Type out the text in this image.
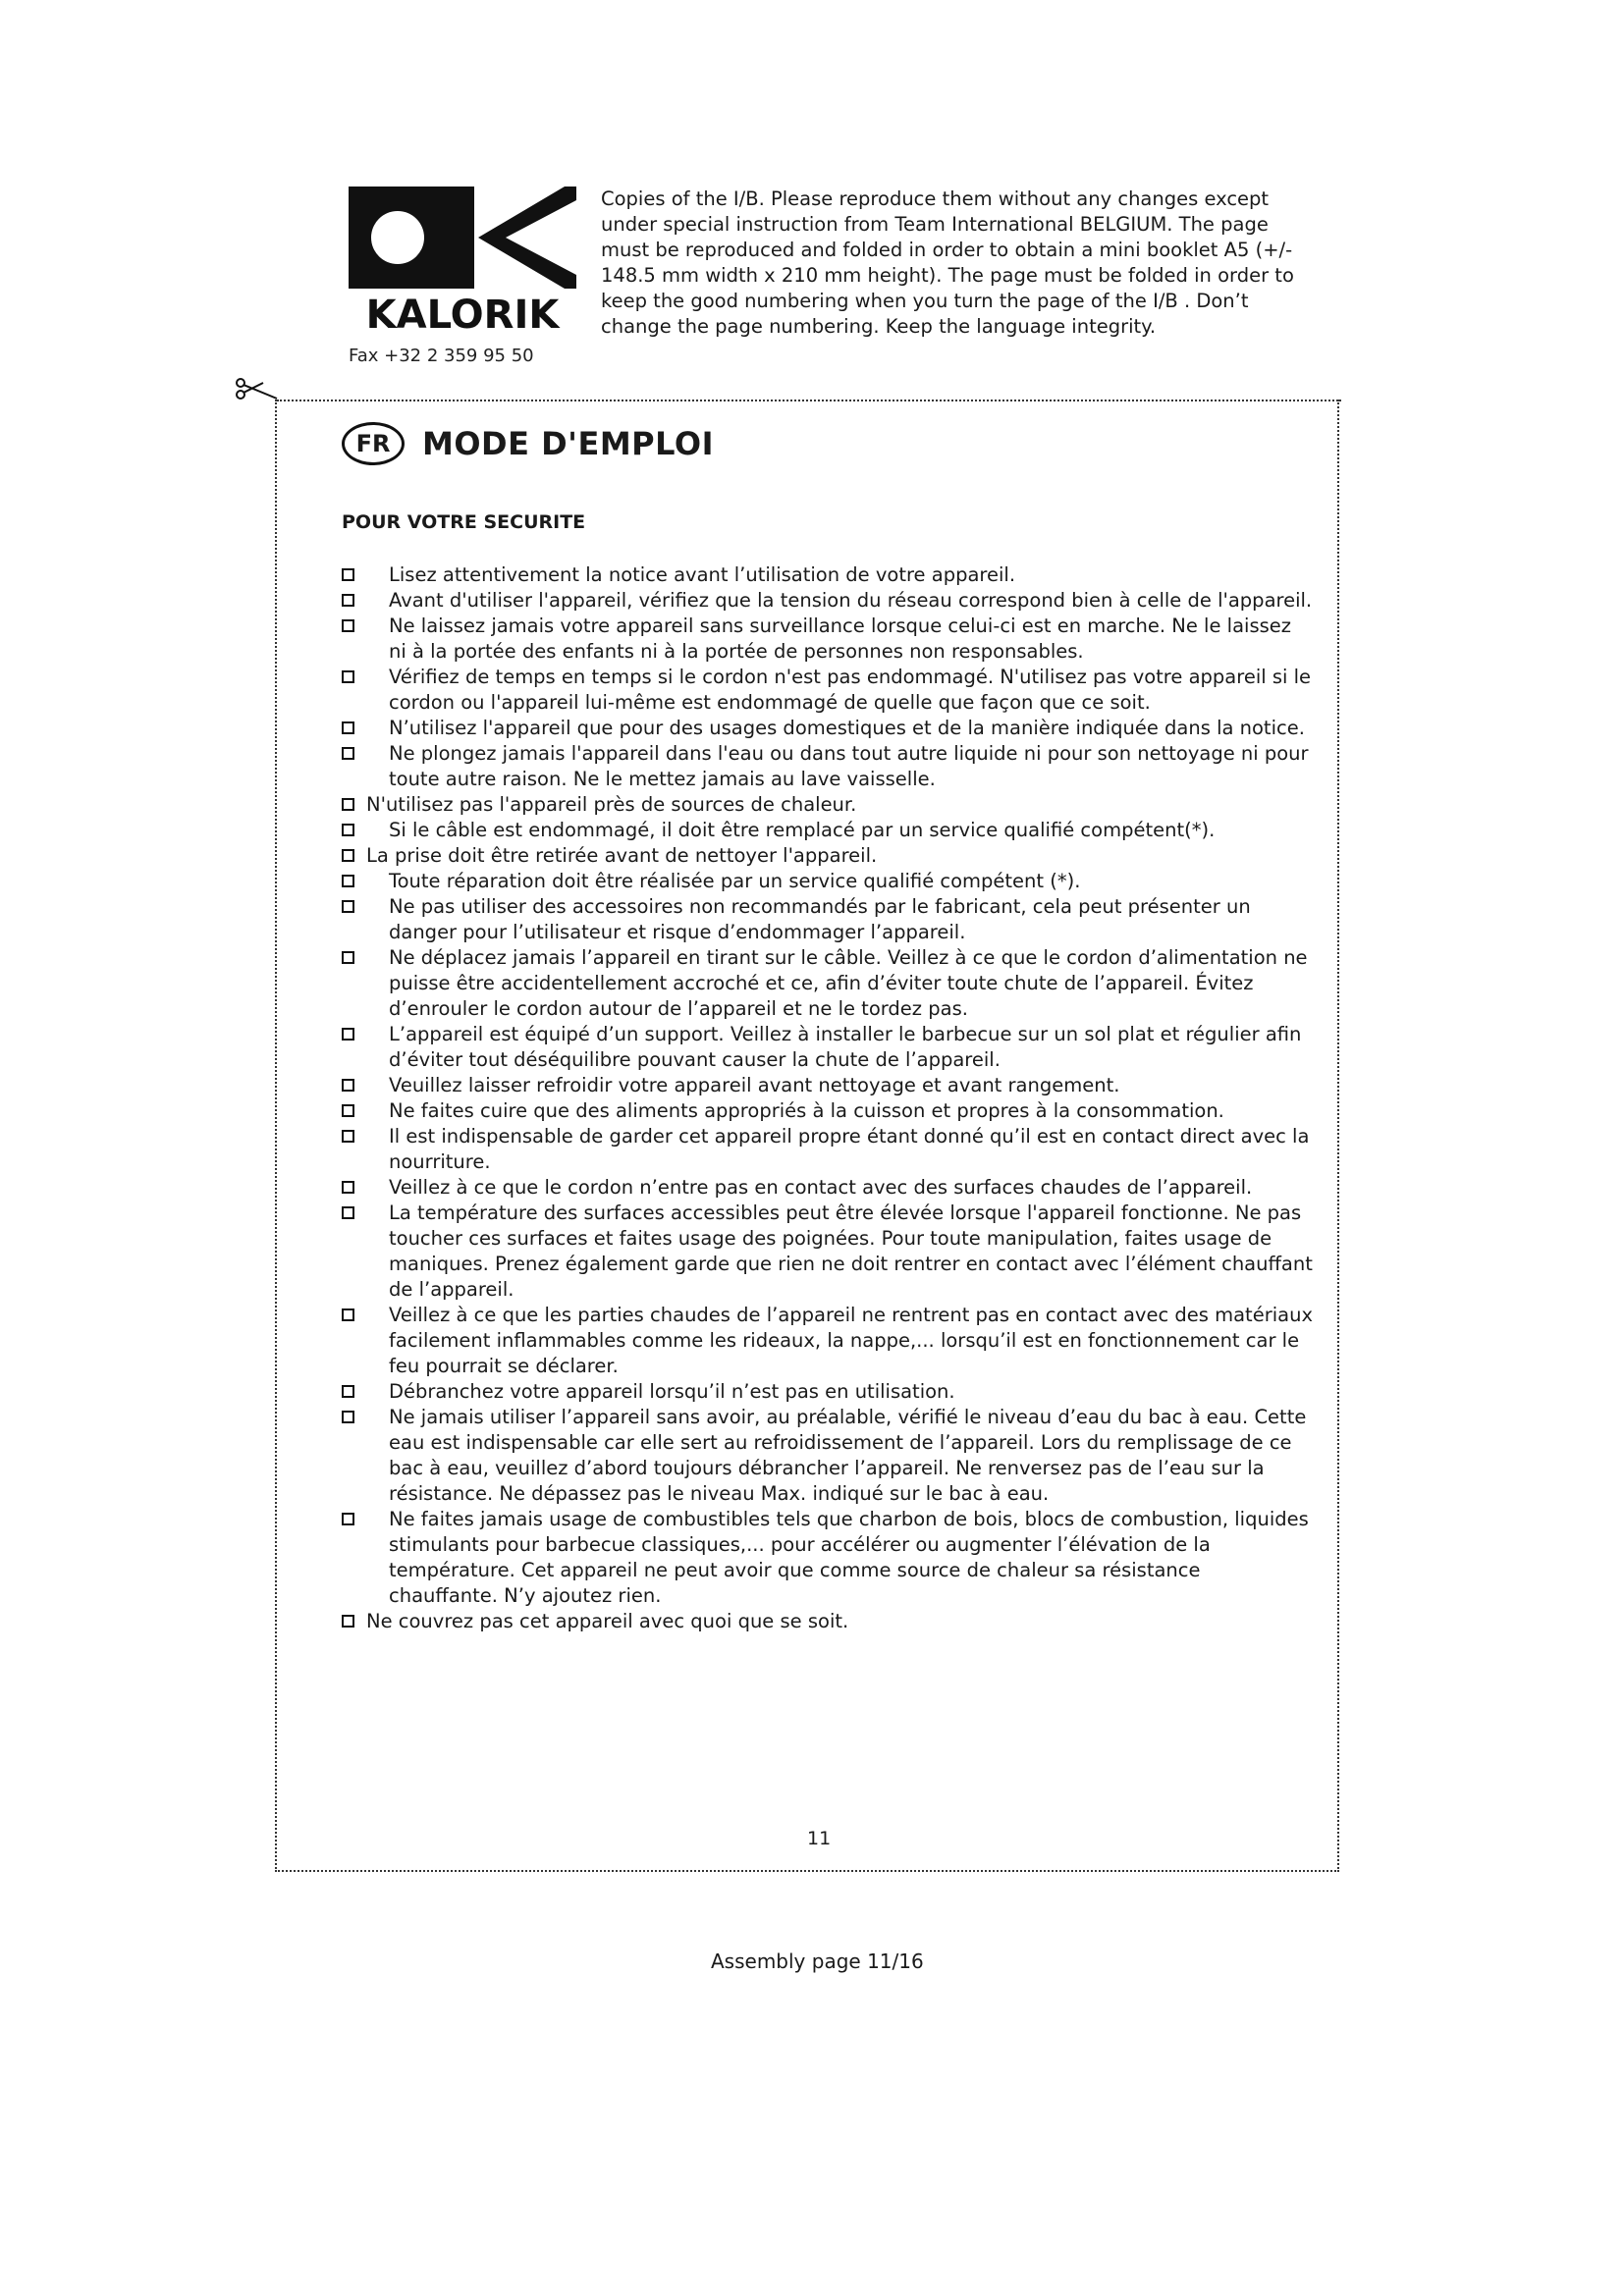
KALORIK
Fax +32 2 359 95 50
Copies of the I/B. Please reproduce them without any changes except under special instruction from Team International BELGIUM. The page must be reproduced and folded in order to obtain a mini booklet A5 (+/- 148.5 mm width x 210 mm height). The page must be folded in order to keep the good numbering when you turn the page of the I/B . Don’t change the page numbering. Keep the language integrity.
FR	MODE D'EMPLOI
POUR VOTRE SECURITE
Lisez attentivement la notice avant l’utilisation de votre appareil.
Avant d'utiliser l'appareil, vérifiez que la tension du réseau correspond bien à celle de l'appareil.
Ne laissez jamais votre appareil sans surveillance lorsque celui-ci est en marche. Ne le laissez ni à la portée des enfants ni à la portée de personnes non responsables.
Vérifiez de temps en temps si le cordon n'est pas endommagé. N'utilisez pas votre appareil si le cordon ou l'appareil lui-même est endommagé de quelle que façon que ce soit.
N’utilisez l'appareil que pour des usages domestiques et de la manière indiquée dans la notice.
Ne plongez jamais l'appareil dans l'eau ou dans tout autre liquide ni pour son nettoyage ni pour toute autre raison. Ne le mettez jamais au lave vaisselle.
N'utilisez pas l'appareil près de sources de chaleur.
Si le câble est endommagé, il doit être remplacé par un service qualifié compétent(*).
La prise doit être retirée avant de nettoyer l'appareil.
Toute réparation doit être réalisée par un service qualifié compétent (*).
Ne pas utiliser des accessoires non recommandés par le fabricant, cela peut présenter un danger pour l’utilisateur et risque d’endommager l’appareil.
Ne déplacez jamais l’appareil en tirant sur le câble. Veillez à ce que le cordon d’alimentation ne puisse être accidentellement accroché et ce, afin d’éviter toute chute de l’appareil. Évitez d’enrouler le cordon autour de l’appareil et ne le tordez pas.
L’appareil est équipé d’un support. Veillez à installer le barbecue sur un sol plat et régulier afin d’éviter tout déséquilibre pouvant causer la chute de l’appareil.
Veuillez laisser refroidir votre appareil avant nettoyage et avant rangement.
Ne faites cuire que des aliments appropriés à la cuisson et propres à la consommation.
Il est indispensable de garder cet appareil propre étant donné qu’il est en contact direct avec la nourriture.
Veillez à ce que le cordon n’entre pas en contact avec des surfaces chaudes de l’appareil.
La température des surfaces accessibles peut être élevée lorsque l'appareil fonctionne. Ne pas toucher ces surfaces et faites usage des poignées. Pour toute manipulation, faites usage de maniques. Prenez également garde que rien ne doit rentrer en contact avec l’élément chauffant de l’appareil.
Veillez à ce que les parties chaudes de l’appareil ne rentrent pas en contact avec des matériaux facilement inflammables comme les rideaux, la nappe,... lorsqu’il est en fonctionnement car le feu pourrait se déclarer.
Débranchez votre appareil lorsqu’il n’est pas en utilisation.
Ne jamais utiliser l’appareil sans avoir, au préalable, vérifié le niveau d’eau du bac à eau. Cette eau est indispensable car elle sert au refroidissement de l’appareil. Lors du remplissage de ce bac à eau, veuillez d’abord toujours débrancher l’appareil. Ne renversez pas de l’eau sur la résistance. Ne dépassez pas le niveau Max. indiqué sur le bac à eau.
Ne faites jamais usage de combustibles tels que charbon de bois, blocs de combustion, liquides stimulants pour barbecue classiques,... pour accélérer ou augmenter l’élévation de la température. Cet appareil ne peut avoir que comme source de chaleur sa résistance chauffante. N’y ajoutez rien.
Ne couvrez pas cet appareil avec quoi que se soit.
11
Assembly page 11/16
